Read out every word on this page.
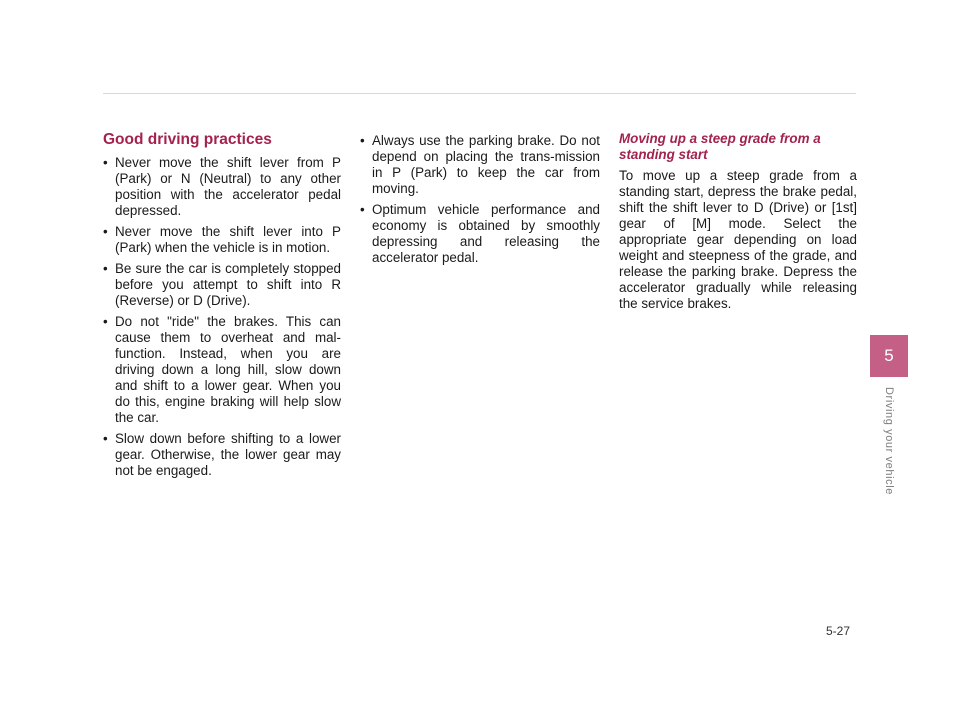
Good driving practices
• Never move the shift lever from P (Park) or N (Neutral) to any other position with the accelerator pedal depressed.
• Never move the shift lever into P (Park) when the vehicle is in motion.
• Be sure the car is completely stopped before you attempt to shift into R (Reverse) or D (Drive).
• Do not "ride" the brakes. This can cause them to overheat and mal-function. Instead, when you are driving down a long hill, slow down and shift to a lower gear. When you do this, engine braking will help slow the car.
• Slow down before shifting to a lower gear. Otherwise, the lower gear may not be engaged.
• Always use the parking brake. Do not depend on placing the trans-mission in P (Park) to keep the car from moving.
• Optimum vehicle performance and economy is obtained by smoothly depressing and releasing the accelerator pedal.
Moving up a steep grade from a standing start

To move up a steep grade from a standing start, depress the brake pedal, shift the shift lever to D (Drive) or [1st] gear of [M] mode. Select the appropriate gear depending on load weight and steepness of the grade, and release the parking brake. Depress the accelerator gradually while releasing the service brakes.

5
Driving your vehicle
5-27
